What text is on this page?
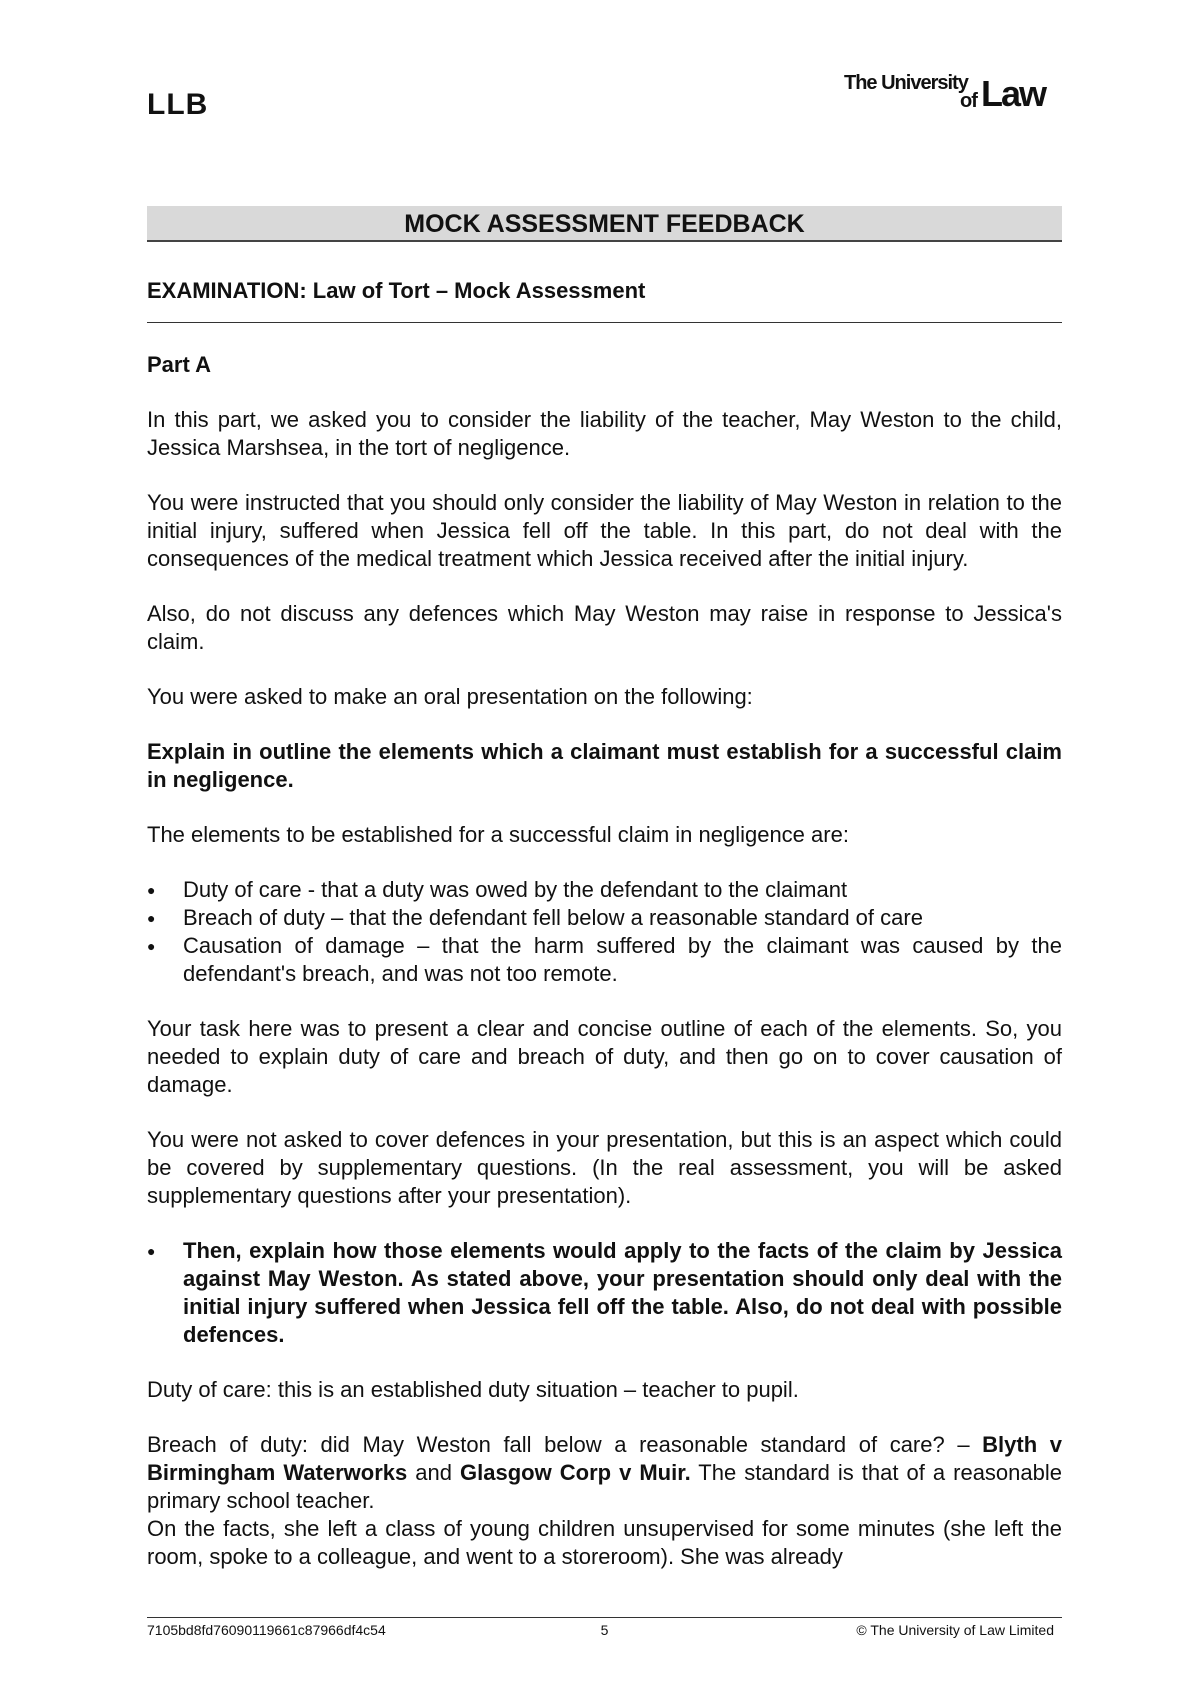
LLB
The University
of Law
MOCK ASSESSMENT FEEDBACK
EXAMINATION: Law of Tort – Mock Assessment

Part A

In this part, we asked you to consider the liability of the teacher, May Weston to the child, Jessica Marshsea, in the tort of negligence.

You were instructed that you should only consider the liability of May Weston in relation to the initial injury, suffered when Jessica fell off the table. In this part, do not deal with the consequences of the medical treatment which Jessica received after the initial injury.

Also, do not discuss any defences which May Weston may raise in response to Jessica's claim.

You were asked to make an oral presentation on the following:

Explain in outline the elements which a claimant must establish for a successful claim in negligence.

The elements to be established for a successful claim in negligence are:

● Duty of care - that a duty was owed by the defendant to the claimant
● Breach of duty – that the defendant fell below a reasonable standard of care
● Causation of damage – that the harm suffered by the claimant was caused by the defendant's breach, and was not too remote.

Your task here was to present a clear and concise outline of each of the elements. So, you needed to explain duty of care and breach of duty, and then go on to cover causation of damage.

You were not asked to cover defences in your presentation, but this is an aspect which could be covered by supplementary questions. (In the real assessment, you will be asked supplementary questions after your presentation).

● Then, explain how those elements would apply to the facts of the claim by Jessica against May Weston. As stated above, your presentation should only deal with the initial injury suffered when Jessica fell off the table. Also, do not deal with possible defences.

Duty of care: this is an established duty situation – teacher to pupil.

Breach of duty: did May Weston fall below a reasonable standard of care? – Blyth v Birmingham Waterworks and Glasgow Corp v Muir. The standard is that of a reasonable primary school teacher.

On the facts, she left a class of young children unsupervised for some minutes (she left the room, spoke to a colleague, and went to a storeroom). She was already

7105bd8fd76090119661c87966df4c54	5	© The University of Law Limited
